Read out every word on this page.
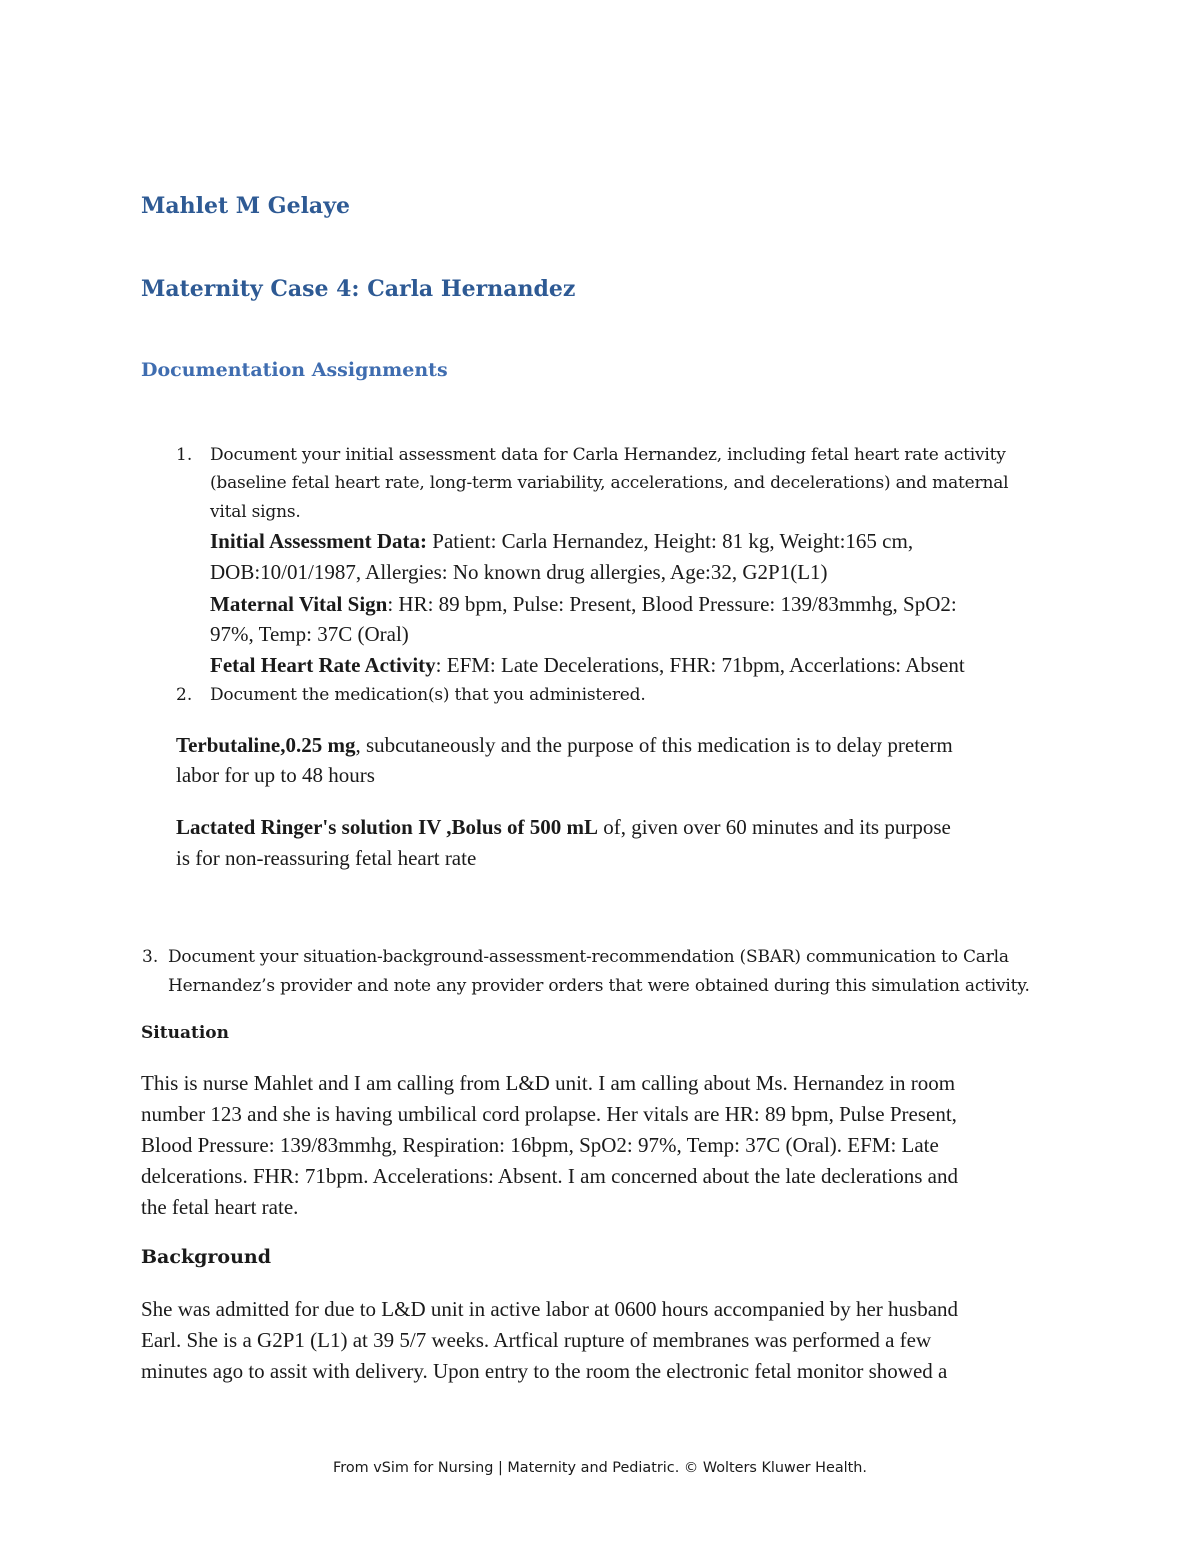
Mahlet M Gelaye
Maternity Case 4: Carla Hernandez
Documentation Assignments
1. Document your initial assessment data for Carla Hernandez, including fetal heart rate activity
(baseline fetal heart rate, long-term variability, accelerations, and decelerations) and maternal
vital signs.
Initial Assessment Data: Patient: Carla Hernandez, Height: 81 kg, Weight:165 cm,
DOB:10/01/1987, Allergies: No known drug allergies, Age:32, G2P1(L1)
Maternal Vital Sign: HR: 89 bpm, Pulse: Present, Blood Pressure: 139/83mmhg, SpO2:
97%, Temp: 37C (Oral)
Fetal Heart Rate Activity: EFM: Late Decelerations, FHR: 71bpm, Accerlations: Absent
2. Document the medication(s) that you administered.
Terbutaline,0.25 mg, subcutaneously and the purpose of this medication is to delay preterm
labor for up to 48 hours
Lactated Ringer's solution IV ,Bolus of 500 mL of, given over 60 minutes and its purpose
is for non-reassuring fetal heart rate
3. Document your situation-background-assessment-recommendation (SBAR) communication to Carla
Hernandez’s provider and note any provider orders that were obtained during this simulation activity.
Situation
This is nurse Mahlet and I am calling from L&D unit. I am calling about Ms. Hernandez in room
number 123 and she is having umbilical cord prolapse. Her vitals are HR: 89 bpm, Pulse Present,
Blood Pressure: 139/83mmhg, Respiration: 16bpm, SpO2: 97%, Temp: 37C (Oral). EFM: Late
delcerations. FHR: 71bpm. Accelerations: Absent. I am concerned about the late declerations and
the fetal heart rate.
Background
She was admitted for due to L&D unit in active labor at 0600 hours accompanied by her husband
Earl. She is a G2P1 (L1) at 39 5/7 weeks. Artfical rupture of membranes was performed a few
minutes ago to assit with delivery. Upon entry to the room the electronic fetal monitor showed a
From vSim for Nursing | Maternity and Pediatric. © Wolters Kluwer Health.
